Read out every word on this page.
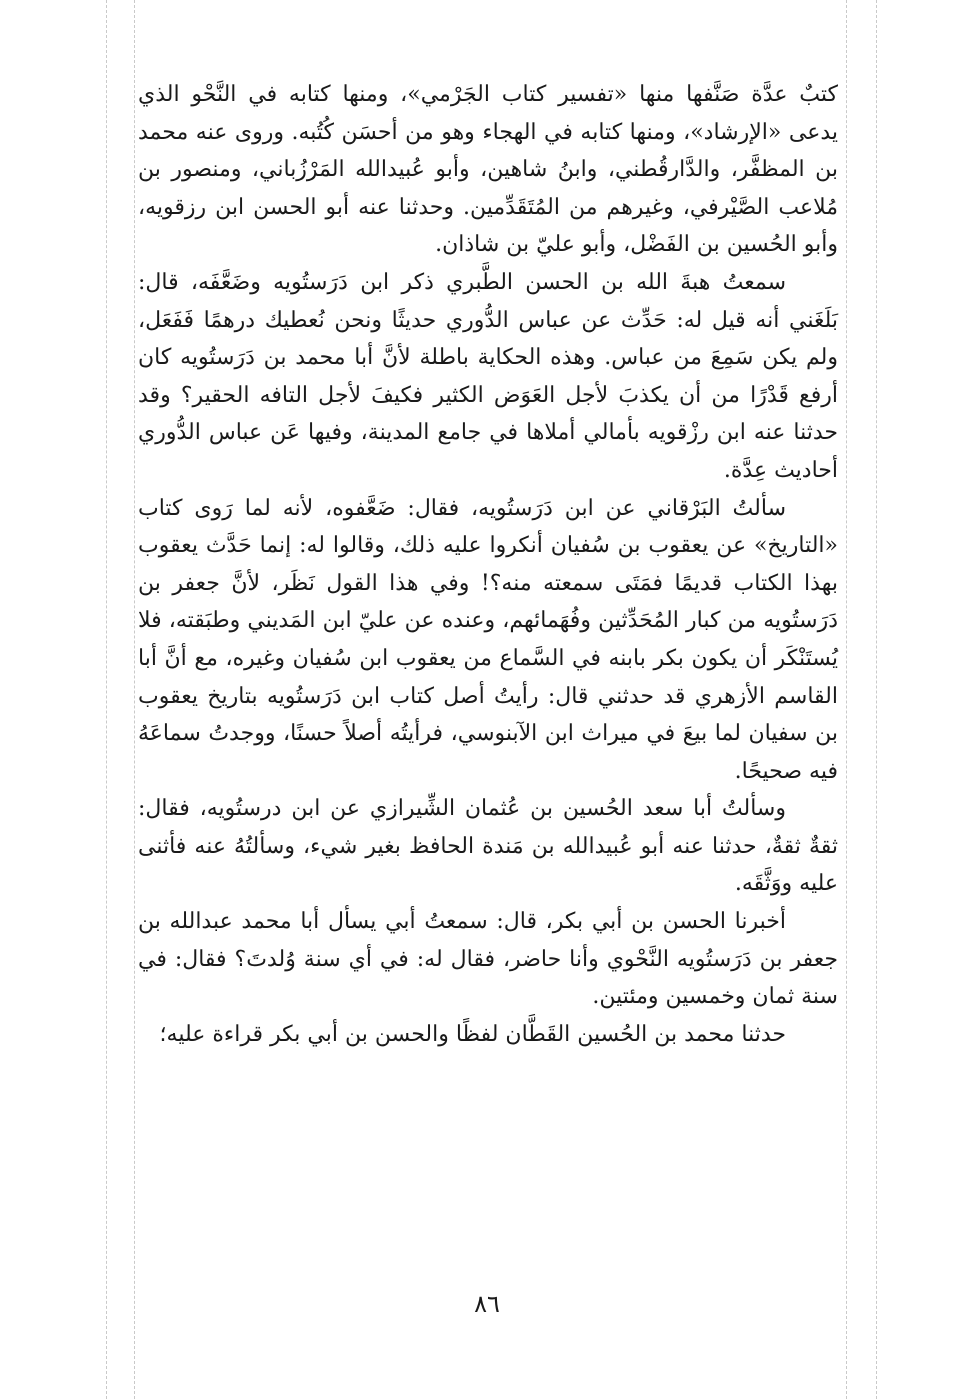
كتبٌ عدَّة صَنَّفها منها «تفسير كتاب الجَرْمي»، ومنها كتابه في النَّحْو الذي يدعى «الإرشاد»، ومنها كتابه في الهجاء وهو من أحسَن كُتُبه. وروى عنه محمد بن المظفَّر، والدَّارقُطني، وابنُ شاهين، وأبو عُبيدالله المَرْزُباني، ومنصور بن مُلاعب الصَّيْرفي، وغيرهم من المُتَقَدِّمين. وحدثنا عنه أبو الحسن ابن رزقويه، وأبو الحُسين بن الفَضْل، وأبو عليّ بن شاذان.

سمعتُ هبةَ الله بن الحسن الطَّبري ذكر ابن دَرَستُويه وضَعَّفَه، قال: بَلَغَني أنه قيل له: حَدِّث عن عباس الدُّوري حديثًا ونحن نُعطيك درهمًا فَفَعَل، ولم يكن سَمِعَ من عباس. وهذه الحكاية باطلة لأنَّ أبا محمد بن دَرَستُويه كان أرفع قَدْرًا من أن يكذبَ لأجل العَوَض الكثير فكيفَ لأجل التافه الحقير؟ وقد حدثنا عنه ابن رزْقويه بأمالي أملاها في جامع المدينة، وفيها عَن عباس الدُّوري أحاديث عِدَّة.

سألتُ البَرْقاني عن ابن دَرَستُويه، فقال: ضَعَّفوه، لأنه لما رَوى كتاب «التاريخ» عن يعقوب بن سُفيان أنكروا عليه ذلك، وقالوا له: إنما حَدَّث يعقوب بهذا الكتاب قديمًا فمَتَى سمعته منه؟! وفي هذا القول نَظَر، لأنَّ جعفر بن دَرَستُويه من كبار المُحَدِّثين وفُهَمائهم، وعنده عن عليّ ابن المَديني وطبَقته، فلا يُستَنْكَر أن يكون بكر بابنه في السَّماع من يعقوب ابن سُفيان وغيره، مع أنَّ أبا القاسم الأزهري قد حدثني قال: رأيتُ أصل كتاب ابن دَرَستُويه بتاريخ يعقوب بن سفيان لما بيعَ في ميراث ابن الآبنوسي، فرأيتُه أصلاً حسنًا، ووجدتُ سماعَهُ فيه صحيحًا.

وسألتُ أبا سعد الحُسين بن عُثمان الشِّيرازي عن ابن درستُويه، فقال: ثقةٌ ثقةٌ، حدثنا عنه أبو عُبيدالله بن مَندة الحافظ بغير شيء، وسألتُهُ عنه فأثنى عليه ووَثَّقَه.

أخبرنا الحسن بن أبي بكر، قال: سمعتُ أبي يسأل أبا محمد عبدالله بن جعفر بن دَرَستُويه النَّحْوي وأنا حاضر، فقال له: في أي سنة وُلدتَ؟ فقال: في سنة ثمان وخمسين ومئتين.

حدثنا محمد بن الحُسين القَطَّان لفظًا والحسن بن أبي بكر قراءة عليه؛

٨٦
